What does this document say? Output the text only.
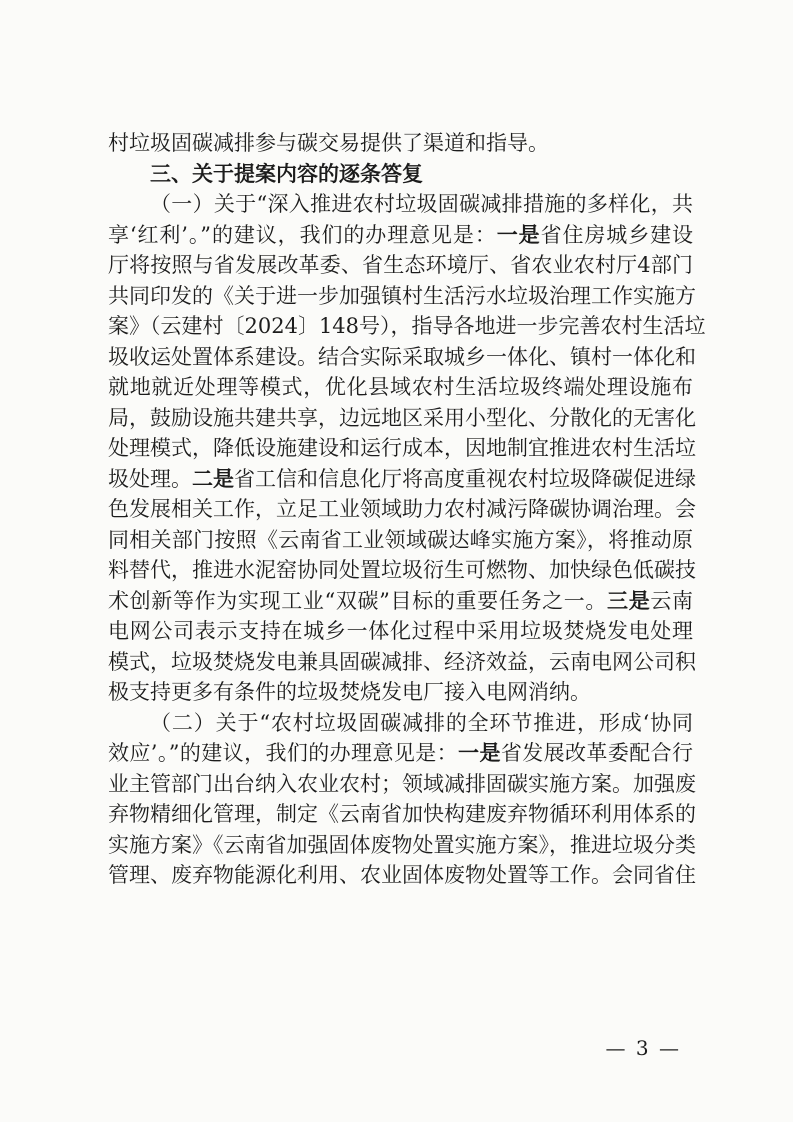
村垃圾固碳减排参与碳交易提供了渠道和指导。
三、关于提案内容的逐条答复
（一）关于“深入推进农村垃圾固碳减排措施的多样化，共
享‘红利’。”的建议，我们的办理意见是：一是省住房城乡建设
厅将按照与省发展改革委、省生态环境厅、省农业农村厅4部门
共同印发的《关于进一步加强镇村生活污水垃圾治理工作实施方
案》（云建村〔2024〕148号），指导各地进一步完善农村生活垃
圾收运处置体系建设。结合实际采取城乡一体化、镇村一体化和
就地就近处理等模式，优化县域农村生活垃圾终端处理设施布
局，鼓励设施共建共享，边远地区采用小型化、分散化的无害化
处理模式，降低设施建设和运行成本，因地制宜推进农村生活垃
圾处理。二是省工信和信息化厅将高度重视农村垃圾降碳促进绿
色发展相关工作，立足工业领域助力农村减污降碳协调治理。会
同相关部门按照《云南省工业领域碳达峰实施方案》，将推动原
料替代，推进水泥窑协同处置垃圾衍生可燃物、加快绿色低碳技
术创新等作为实现工业“双碳”目标的重要任务之一。三是云南
电网公司表示支持在城乡一体化过程中采用垃圾焚烧发电处理
模式，垃圾焚烧发电兼具固碳减排、经济效益，云南电网公司积
极支持更多有条件的垃圾焚烧发电厂接入电网消纳。
（二）关于“农村垃圾固碳减排的全环节推进，形成‘协同
效应’。”的建议，我们的办理意见是：一是省发展改革委配合行
业主管部门出台纳入农业农村；领域减排固碳实施方案。加强废
弃物精细化管理，制定《云南省加快构建废弃物循环利用体系的
实施方案》《云南省加强固体废物处置实施方案》，推进垃圾分类
管理、废弃物能源化利用、农业固体废物处置等工作。会同省住
— 3 —
